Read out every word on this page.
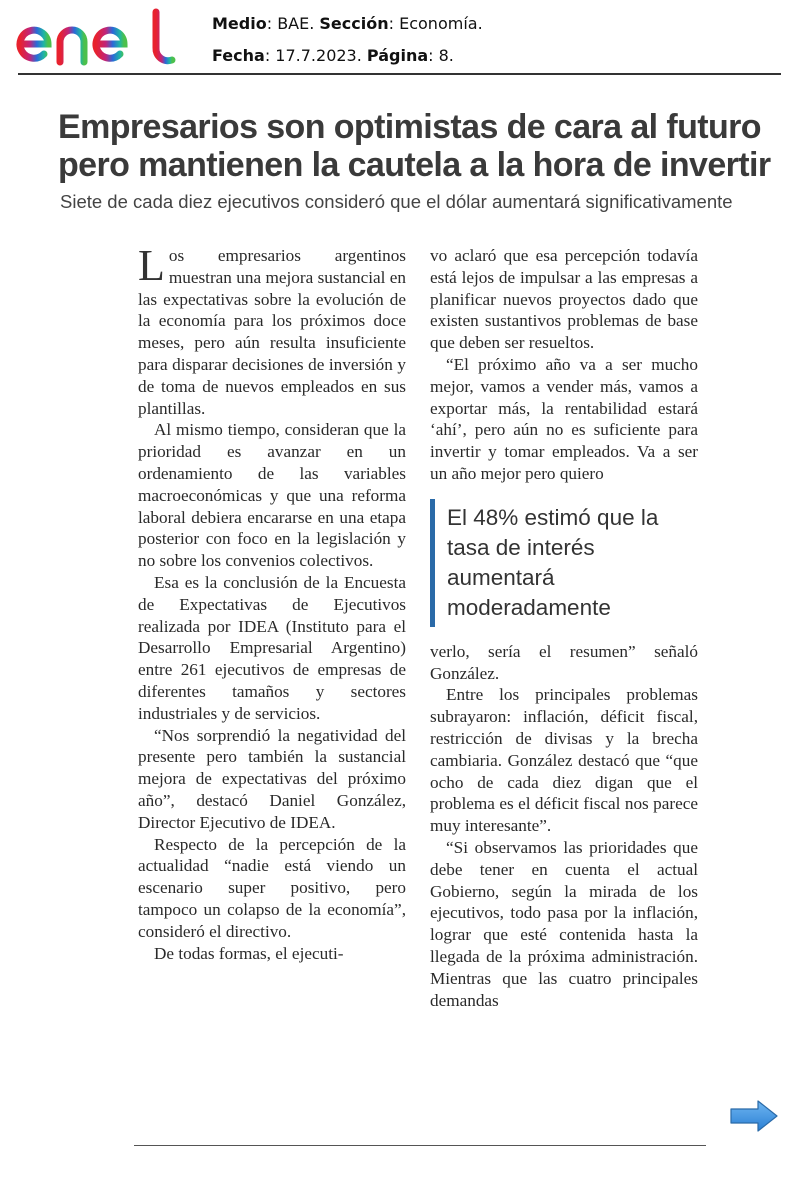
Medio: BAE. Sección: Economía.
Fecha: 17.7.2023. Página: 8.
Empresarios son optimistas de cara al futuro
pero mantienen la cautela a la hora de invertir
Siete de cada diez ejecutivos consideró que el dólar aumentará significativamente

Los empresarios argentinos muestran una mejora sustancial en las expectativas sobre la evolución de la economía para los próximos doce meses, pero aún resulta insuficiente para disparar decisiones de inversión y de toma de nuevos empleados en sus plantillas.

Al mismo tiempo, consideran que la prioridad es avanzar en un ordenamiento de las variables macroeconómicas y que una reforma laboral debiera encararse en una etapa posterior con foco en la legislación y no sobre los convenios colectivos.

Esa es la conclusión de la Encuesta de Expectativas de Ejecutivos realizada por IDEA (Instituto para el Desarrollo Empresarial Argentino) entre 261 ejecutivos de empresas de diferentes tamaños y sectores industriales y de servicios.

“Nos sorprendió la negatividad del presente pero también la sustancial mejora de expectativas del próximo año”, destacó Daniel González, Director Ejecutivo de IDEA.

Respecto de la percepción de la actualidad “nadie está viendo un escenario super positivo, pero tampoco un colapso de la economía”, consideró el directivo.

De todas formas, el ejecuti-

vo aclaró que esa percepción todavía está lejos de impulsar a las empresas a planificar nuevos proyectos dado que existen sustantivos problemas de base que deben ser resueltos.

“El próximo año va a ser mucho mejor, vamos a vender más, vamos a exportar más, la rentabilidad estará ‘ahí’, pero aún no es suficiente para invertir y tomar empleados. Va a ser un año mejor pero quiero

El 48% estimó que la tasa de interés aumentará moderadamente

verlo, sería el resumen” señaló González.

Entre los principales problemas subrayaron: inflación, déficit fiscal, restricción de divisas y la brecha cambiaria. González destacó que “que ocho de cada diez digan que el problema es el déficit fiscal nos parece muy interesante”.

“Si observamos las prioridades que debe tener en cuenta el actual Gobierno, según la mirada de los ejecutivos, todo pasa por la inflación, lograr que esté contenida hasta la llegada de la próxima administración. Mientras que las cuatro principales demandas
